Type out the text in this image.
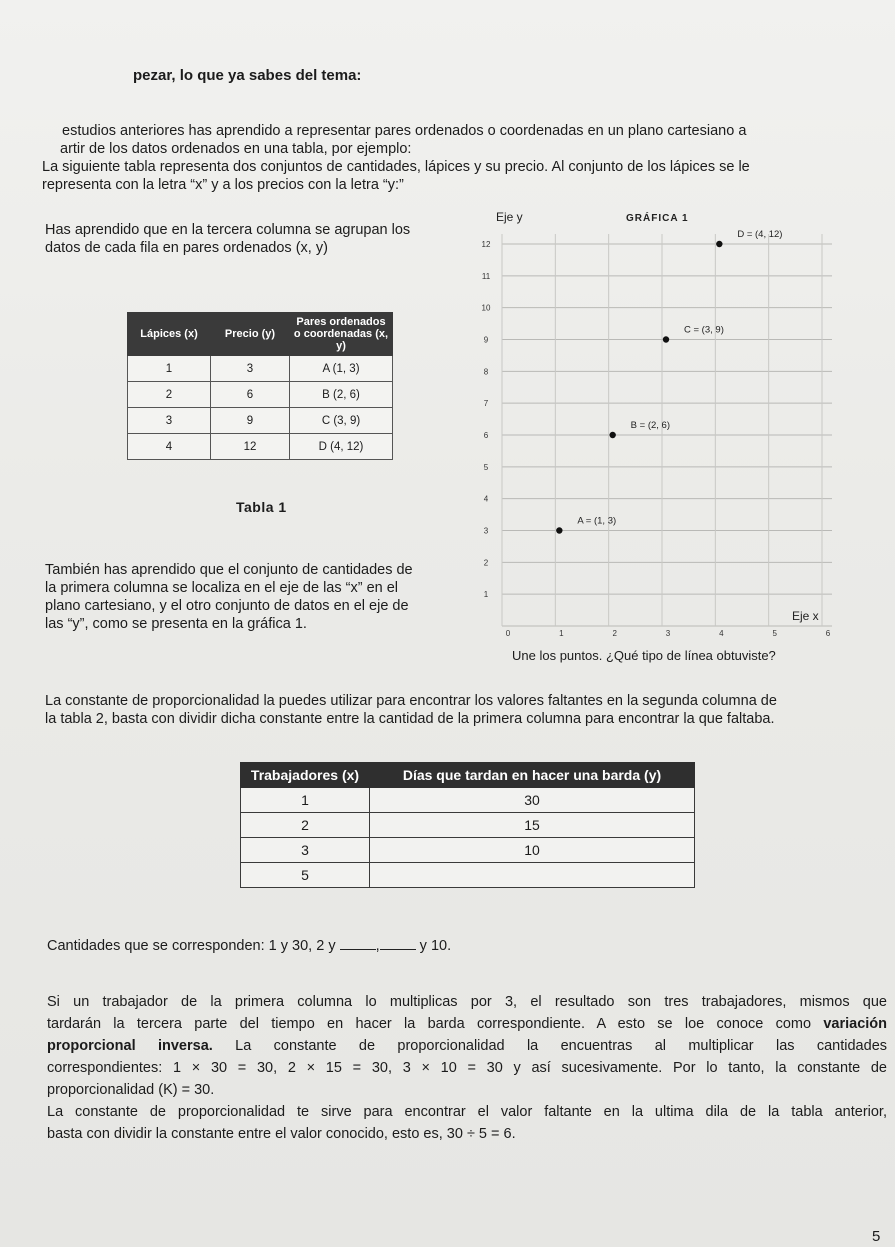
pezar, lo que ya sabes del tema:
estudios anteriores has aprendido a representar pares ordenados o coordenadas en un plano cartesiano a
artir de los datos ordenados en una tabla, por ejemplo:
La siguiente tabla representa dos conjuntos de cantidades, lápices y su precio. Al conjunto de los lápices se le
representa con la letra “x” y a los precios con la letra “y:”
Has aprendido que en la tercera columna se agrupan los
datos de cada fila en pares ordenados (x, y)
Lápices (x)	Precio (y)	Pares ordenados o coordenadas (x, y)
1	3	A (1, 3)
2	6	B (2, 6)
3	9	C (3, 9)
4	12	D (4, 12)
Tabla 1
También has aprendido que el conjunto de cantidades de
la primera columna se localiza en el eje de las “x” en el
plano cartesiano, y el otro conjunto de datos en el eje de
las “y”, como se presenta en la gráfica 1.
1
2
3
4
5
6
7
8
9
10
11
12
0	1	2	3	4	5	6
Eje y	GRÁFICA 1
Eje x
A = (1, 3)
B = (2, 6)
C = (3, 9)
D = (4, 12)
Une los puntos. ¿Qué tipo de línea obtuviste?
La constante de proporcionalidad la puedes utilizar para encontrar los valores faltantes en la segunda columna de
la tabla 2, basta con dividir dicha constante entre la cantidad de la primera columna para encontrar la que faltaba.
Trabajadores (x)	Días que tardan en hacer una barda (y)
1	30
2	15
3	10
5	
Cantidades que se corresponden: 1 y 30, 2 y	,	y 10.
Si un trabajador de la primera columna lo multiplicas por 3, el resultado son tres trabajadores, mismos que
tardarán la tercera parte del tiempo en hacer la barda correspondiente. A esto se loe conoce como variación
proporcional inversa. La constante de proporcionalidad la encuentras al multiplicar las cantidades
correspondientes: 1 × 30 = 30, 2 × 15 = 30, 3 × 10 = 30 y así sucesivamente. Por lo tanto, la constante de
proporcionalidad (K) = 30.
La constante de proporcionalidad te sirve para encontrar el valor faltante en la ultima dila de la tabla anterior,
basta con dividir la constante entre el valor conocido, esto es, 30 ÷ 5 = 6.
5
